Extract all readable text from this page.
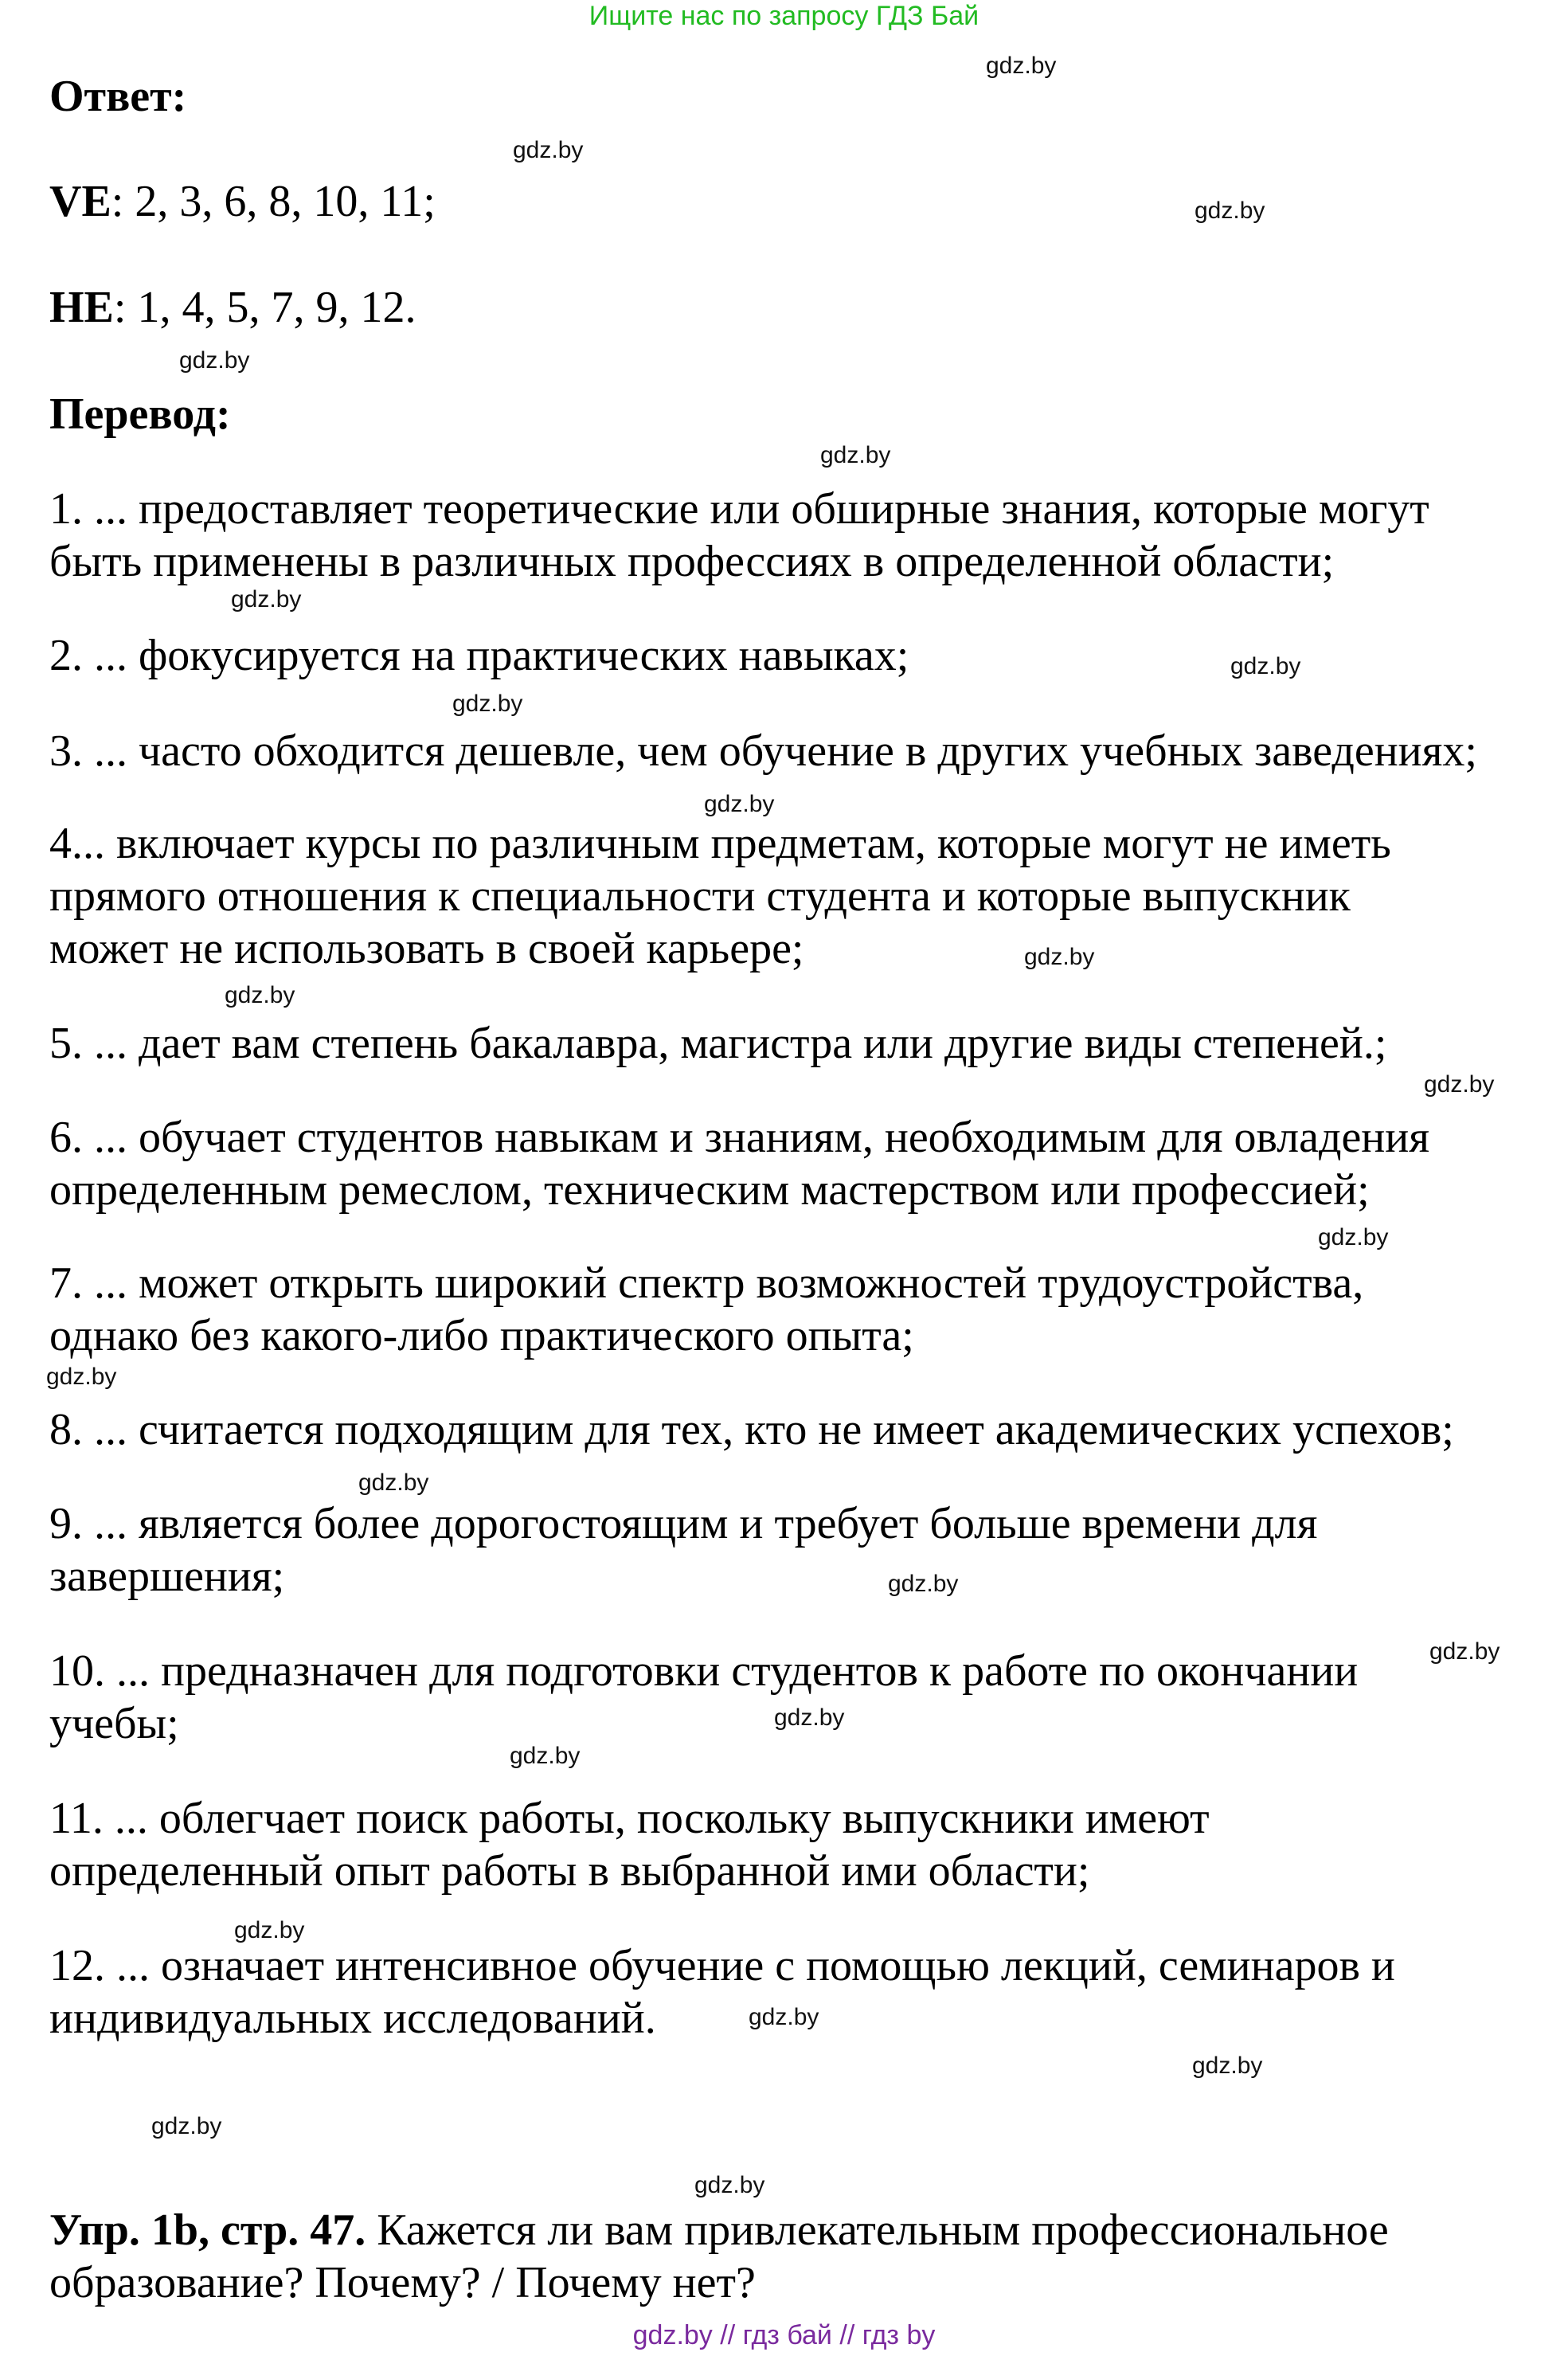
Ищите нас по запросу ГДЗ Бай
Ответ:
VE: 2, 3, 6, 8, 10, 11;
HE: 1, 4, 5, 7, 9, 12.
Перевод:
1. ... предоставляет теоретические или обширные знания, которые могут
быть применены в различных профессиях в определенной области;
2. ... фокусируется на практических навыках;
3. ... часто обходится дешевле, чем обучение в других учебных заведениях;
4... включает курсы по различным предметам, которые могут не иметь
прямого отношения к специальности студента и которые выпускник
может не использовать в своей карьере;
5. ... дает вам степень бакалавра, магистра или другие виды степеней.;
6. ... обучает студентов навыкам и знаниям, необходимым для овладения
определенным ремеслом, техническим мастерством или профессией;
7. ... может открыть широкий спектр возможностей трудоустройства,
однако без какого-либо практического опыта;
8. ... считается подходящим для тех, кто не имеет академических успехов;
9. ... является более дорогостоящим и требует больше времени для
завершения;
10. ... предназначен для подготовки студентов к работе по окончании
учебы;
11. ... облегчает поиск работы, поскольку выпускники имеют
определенный опыт работы в выбранной ими области;
12. ... означает интенсивное обучение с помощью лекций, семинаров и
индивидуальных исследований.
Упр. 1b, стр. 47. Кажется ли вам привлекательным профессиональное образование? Почему? / Почему нет?
gdz.by
gdz.by
gdz.by
gdz.by
gdz.by
gdz.by
gdz.by
gdz.by
gdz.by
gdz.by
gdz.by
gdz.by
gdz.by
gdz.by
gdz.by
gdz.by
gdz.by
gdz.by
gdz.by
gdz.by
gdz.by
gdz.by
gdz.by
gdz.by
gdz.by // гдз бай // гдз by
